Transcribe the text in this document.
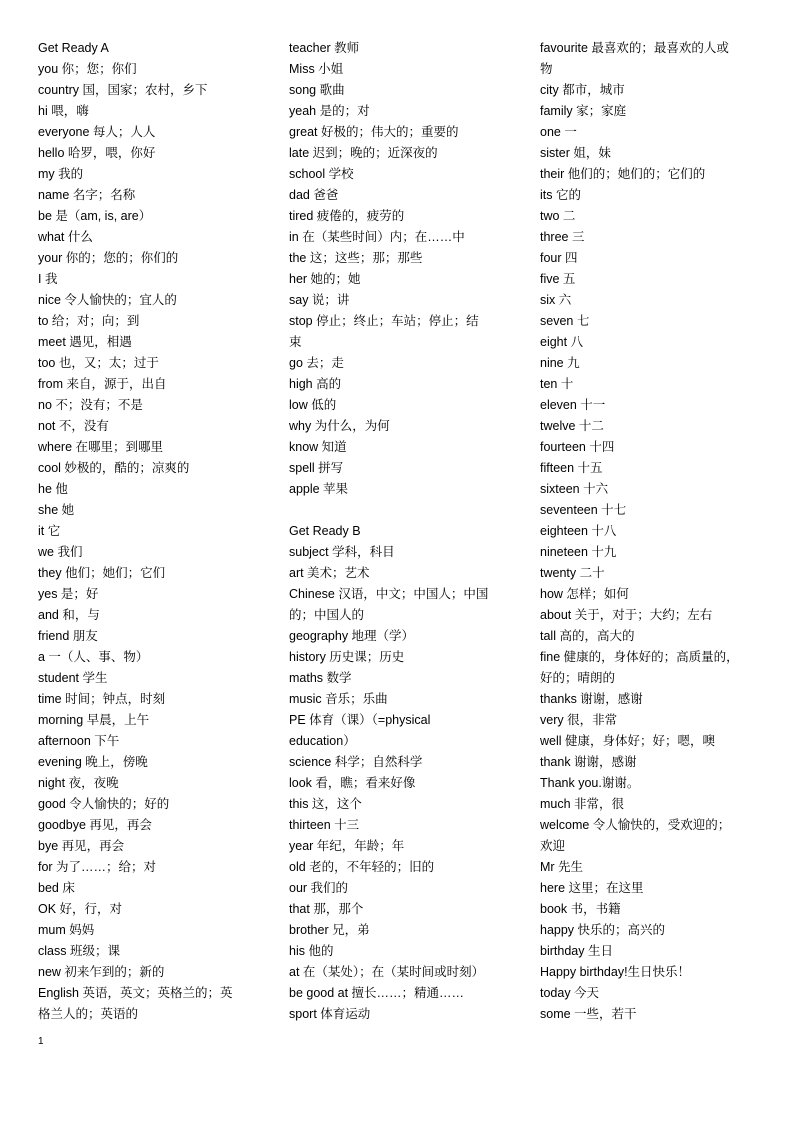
Get Ready A
you 你；您；你们
country 国，国家；农村，乡下
hi 喂，嗨
everyone 每人；人人
hello 哈罗，喂，你好
my 我的
name 名字；名称
be 是（am, is, are）
what 什么
your 你的；您的；你们的
I 我
nice 令人愉快的；宜人的
to 给；对；向；到
meet 遇见，相遇
too 也，又；太；过于
from 来自，源于，出自
no 不；没有；不是
not 不，没有
where 在哪里；到哪里
cool 妙极的，酷的；凉爽的
he 他
she 她
it 它
we 我们
they 他们；她们；它们
yes 是；好
and 和，与
friend 朋友
a 一（人、事、物）
student 学生
time 时间；钟点，时刻
morning 早晨，上午
afternoon 下午
evening 晚上，傍晚
night 夜，夜晚
good 令人愉快的；好的
goodbye 再见，再会
bye 再见，再会
for 为了……；给；对
bed 床
OK 好，行，对
mum 妈妈
class 班级；课
new 初来乍到的；新的
English 英语，英文；英格兰的；英
格兰人的；英语的
teacher 教师
Miss 小姐
song 歌曲
yeah 是的；对
great 好极的；伟大的；重要的
late 迟到；晚的；近深夜的
school 学校
dad 爸爸
tired 疲倦的，疲劳的
in 在（某些时间）内；在……中
the 这；这些；那；那些
her 她的；她
say 说；讲
stop 停止；终止；车站；停止；结
束
go 去；走
high 高的
low 低的
why 为什么，为何
know 知道
spell 拼写
apple 苹果
Get Ready B
subject 学科，科目
art 美术；艺术
Chinese 汉语，中文；中国人；中国
的；中国人的
geography 地理（学）
history 历史课；历史
maths 数学
music 音乐；乐曲
PE 体育（课）（=physical
education）
science 科学；自然科学
look 看，瞧；看来好像
this 这，这个
thirteen 十三
year 年纪，年龄；年
old 老的，不年轻的；旧的
our 我们的
that 那，那个
brother 兄，弟
his 他的
at 在（某处）；在（某时间或时刻）
be good at 擅长……；精通……
sport 体育运动
favourite 最喜欢的；最喜欢的人或
物
city 都市，城市
family 家；家庭
one 一
sister 姐，妹
their 他们的；她们的；它们的
its 它的
two 二
three 三
four 四
five 五
six 六
seven 七
eight 八
nine 九
ten 十
eleven 十一
twelve 十二
fourteen 十四
fifteen 十五
sixteen 十六
seventeen 十七
eighteen 十八
nineteen 十九
twenty 二十
how 怎样；如何
about 关于，对于；大约；左右
tall 高的，高大的
fine 健康的，身体好的；高质量的，
好的；晴朗的
thanks 谢谢，感谢
very 很，非常
well 健康，身体好；好；嗯，噢
thank 谢谢，感谢
Thank you.谢谢。
much 非常，很
welcome 令人愉快的，受欢迎的；
欢迎
Mr 先生
here 这里；在这里
book 书，书籍
happy 快乐的；高兴的
birthday 生日
Happy birthday!生日快乐！
today 今天
some 一些，若干
1
